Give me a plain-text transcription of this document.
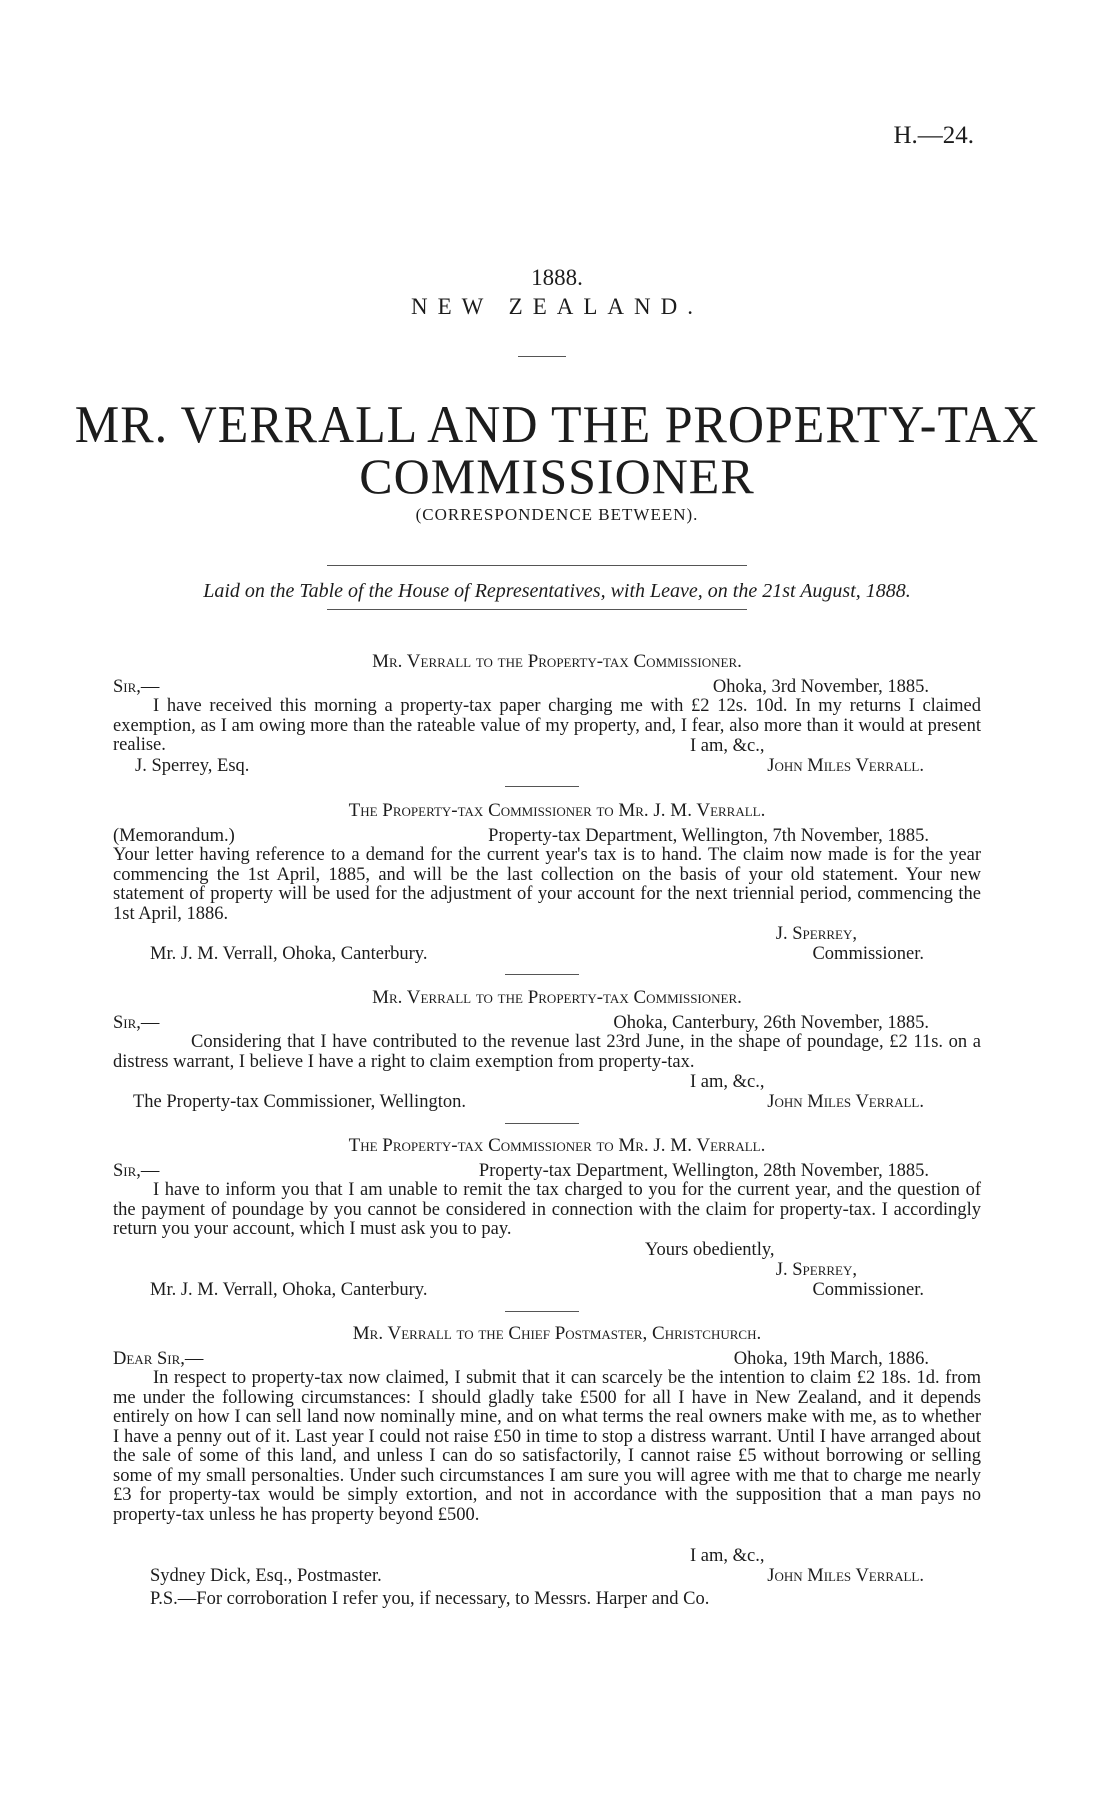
H.—24.
1888.
NEW ZEALAND.
MR. VERRALL AND THE PROPERTY-TAX
COMMISSIONER
(CORRESPONDENCE BETWEEN).
Laid on the Table of the House of Representatives, with Leave, on the 21st August, 1888.
Mr. Verrall to the Property-tax Commissioner.
Sir,—	Ohoka, 3rd November, 1885.
I have received this morning a property-tax paper charging me with £2 12s. 10d. In my returns I claimed exemption, as I am owing more than the rateable value of my property, and, I fear, also more than it would at present realise.	I am, &c.,
J. Sperrey, Esq.	John Miles Verrall.
The Property-tax Commissioner to Mr. J. M. Verrall.
(Memorandum.)	Property-tax Department, Wellington, 7th November, 1885.
Your letter having reference to a demand for the current year's tax is to hand. The claim now made is for the year commencing the 1st April, 1885, and will be the last collection on the basis of your old statement. Your new statement of property will be used for the adjustment of your account for the next triennial period, commencing the 1st April, 1886.
J. Sperrey,
Mr. J. M. Verrall, Ohoka, Canterbury.	Commissioner.
Mr. Verrall to the Property-tax Commissioner.
Sir,—	Ohoka, Canterbury, 26th November, 1885.
Considering that I have contributed to the revenue last 23rd June, in the shape of poundage, £2 11s. on a distress warrant, I believe I have a right to claim exemption from property-tax.
I am, &c.,
The Property-tax Commissioner, Wellington.	John Miles Verrall.
The Property-tax Commissioner to Mr. J. M. Verrall.
Sir,—	Property-tax Department, Wellington, 28th November, 1885.
I have to inform you that I am unable to remit the tax charged to you for the current year, and the question of the payment of poundage by you cannot be considered in connection with the claim for property-tax. I accordingly return you your account, which I must ask you to pay.
Yours obediently,
J. Sperrey,
Mr. J. M. Verrall, Ohoka, Canterbury.	Commissioner.
Mr. Verrall to the Chief Postmaster, Christchurch.
Dear Sir,—	Ohoka, 19th March, 1886.
In respect to property-tax now claimed, I submit that it can scarcely be the intention to claim £2 18s. 1d. from me under the following circumstances: I should gladly take £500 for all I have in New Zealand, and it depends entirely on how I can sell land now nominally mine, and on what terms the real owners make with me, as to whether I have a penny out of it. Last year I could not raise £50 in time to stop a distress warrant. Until I have arranged about the sale of some of this land, and unless I can do so satisfactorily, I cannot raise £5 without borrowing or selling some of my small personalties. Under such circumstances I am sure you will agree with me that to charge me nearly £3 for property-tax would be simply extortion, and not in accordance with the supposition that a man pays no property-tax unless he has property beyond £500.
I am, &c.,
Sydney Dick, Esq., Postmaster.	John Miles Verrall.
P.S.—For corroboration I refer you, if necessary, to Messrs. Harper and Co.
